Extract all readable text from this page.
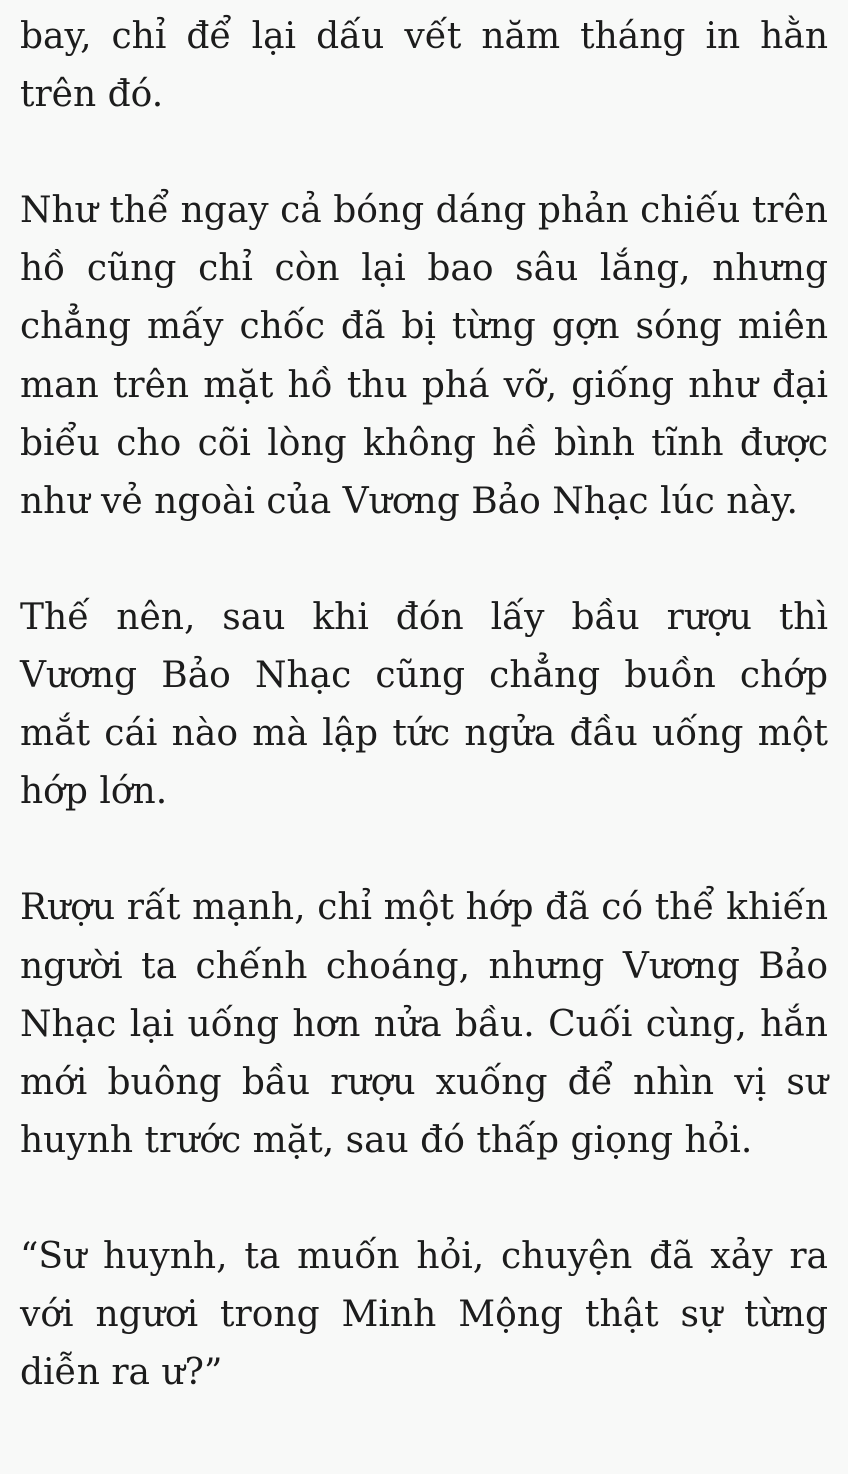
bay, chỉ để lại dấu vết năm tháng in hằn trên đó.

Như thể ngay cả bóng dáng phản chiếu trên hồ cũng chỉ còn lại bao sâu lắng, nhưng chẳng mấy chốc đã bị từng gợn sóng miên man trên mặt hồ thu phá vỡ, giống như đại biểu cho cõi lòng không hề bình tĩnh được như vẻ ngoài của Vương Bảo Nhạc lúc này.

Thế nên, sau khi đón lấy bầu rượu thì Vương Bảo Nhạc cũng chẳng buồn chớp mắt cái nào mà lập tức ngửa đầu uống một hớp lớn.

Rượu rất mạnh, chỉ một hớp đã có thể khiến người ta chếnh choáng, nhưng Vương Bảo Nhạc lại uống hơn nửa bầu. Cuối cùng, hắn mới buông bầu rượu xuống để nhìn vị sư huynh trước mặt, sau đó thấp giọng hỏi.

“Sư huynh, ta muốn hỏi, chuyện đã xảy ra với ngươi trong Minh Mộng thật sự từng diễn ra ư?”
